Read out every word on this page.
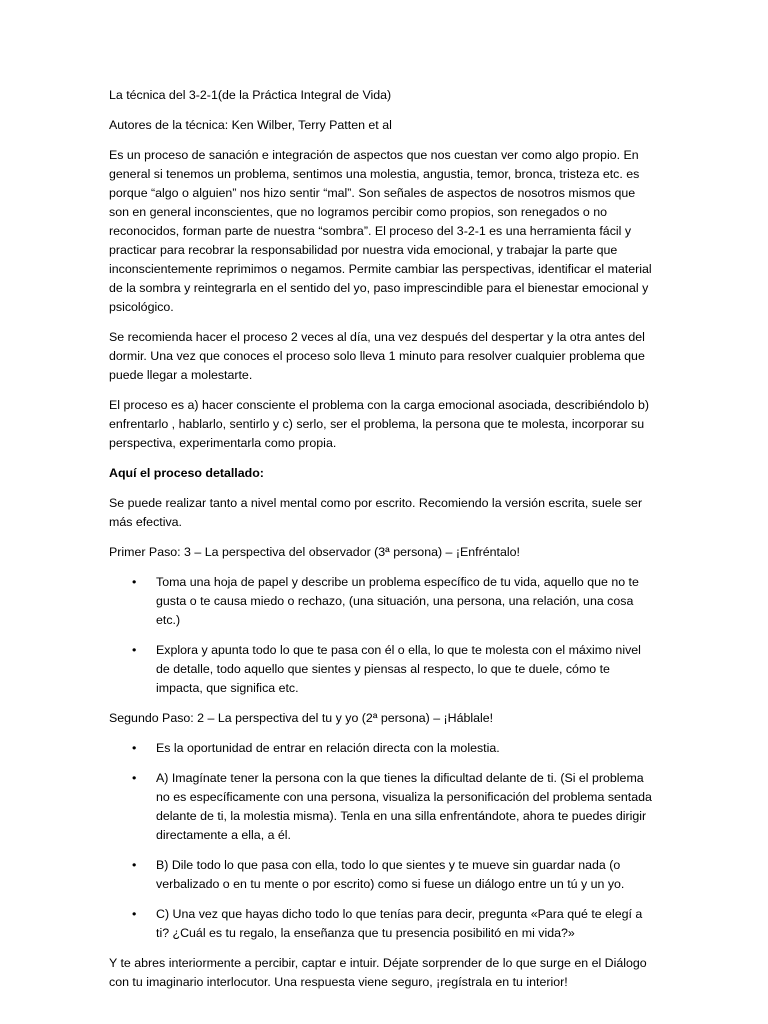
La técnica del 3-2-1(de la Práctica Integral de Vida)

Autores de la técnica: Ken Wilber, Terry Patten et al

Es un proceso de sanación e integración de aspectos que nos cuestan ver como algo propio. En general si tenemos un problema, sentimos una molestia, angustia, temor, bronca, tristeza etc. es porque “algo o alguien” nos hizo sentir “mal”. Son señales de aspectos de nosotros mismos que son en general inconscientes, que no logramos percibir como propios, son renegados o no reconocidos, forman parte de nuestra “sombra”. El proceso del 3-2-1 es una herramienta fácil y practicar para recobrar la responsabilidad por nuestra vida emocional, y trabajar la parte que inconscientemente reprimimos o negamos. Permite cambiar las perspectivas, identificar el material de la sombra y reintegrarla en el sentido del yo, paso imprescindible para el bienestar emocional y psicológico.

Se recomienda hacer el proceso 2 veces al día, una vez después del despertar y la otra antes del dormir. Una vez que conoces el proceso solo lleva 1 minuto para resolver cualquier problema que puede llegar a molestarte.

El proceso es a) hacer consciente el problema con la carga emocional asociada, describiéndolo b) enfrentarlo , hablarlo, sentirlo y c) serlo, ser el problema, la persona que te molesta, incorporar su perspectiva, experimentarla como propia.

Aquí el proceso detallado:

Se puede realizar tanto a nivel mental como por escrito. Recomiendo la versión escrita, suele ser más efectiva.

Primer Paso: 3 – La perspectiva del observador (3ª persona) – ¡Enfréntalo!

• Toma una hoja de papel y describe un problema específico de tu vida, aquello que no te gusta o te causa miedo o rechazo, (una situación, una persona, una relación, una cosa etc.)
• Explora y apunta todo lo que te pasa con él o ella, lo que te molesta con el máximo nivel de detalle, todo aquello que sientes y piensas al respecto, lo que te duele, cómo te impacta, que significa etc.

Segundo Paso: 2 – La perspectiva del tu y yo (2ª persona) – ¡Háblale!

• Es la oportunidad de entrar en relación directa con la molestia.
• A) Imagínate tener la persona con la que tienes la dificultad delante de ti. (Si el problema no es específicamente con una persona, visualiza la personificación del problema sentada delante de ti, la molestia misma). Tenla en una silla enfrentándote, ahora te puedes dirigir directamente a ella, a él.
• B) Dile todo lo que pasa con ella, todo lo que sientes y te mueve sin guardar nada (o verbalizado o en tu mente o por escrito) como si fuese un diálogo entre un tú y un yo.
• C) Una vez que hayas dicho todo lo que tenías para decir, pregunta «Para qué te elegí a ti? ¿Cuál es tu regalo, la enseñanza que tu presencia posibilitó en mi vida?»

Y te abres interiormente a percibir, captar e intuir. Déjate sorprender de lo que surge en el Diálogo con tu imaginario interlocutor. Una respuesta viene seguro, ¡regístrala en tu interior!
